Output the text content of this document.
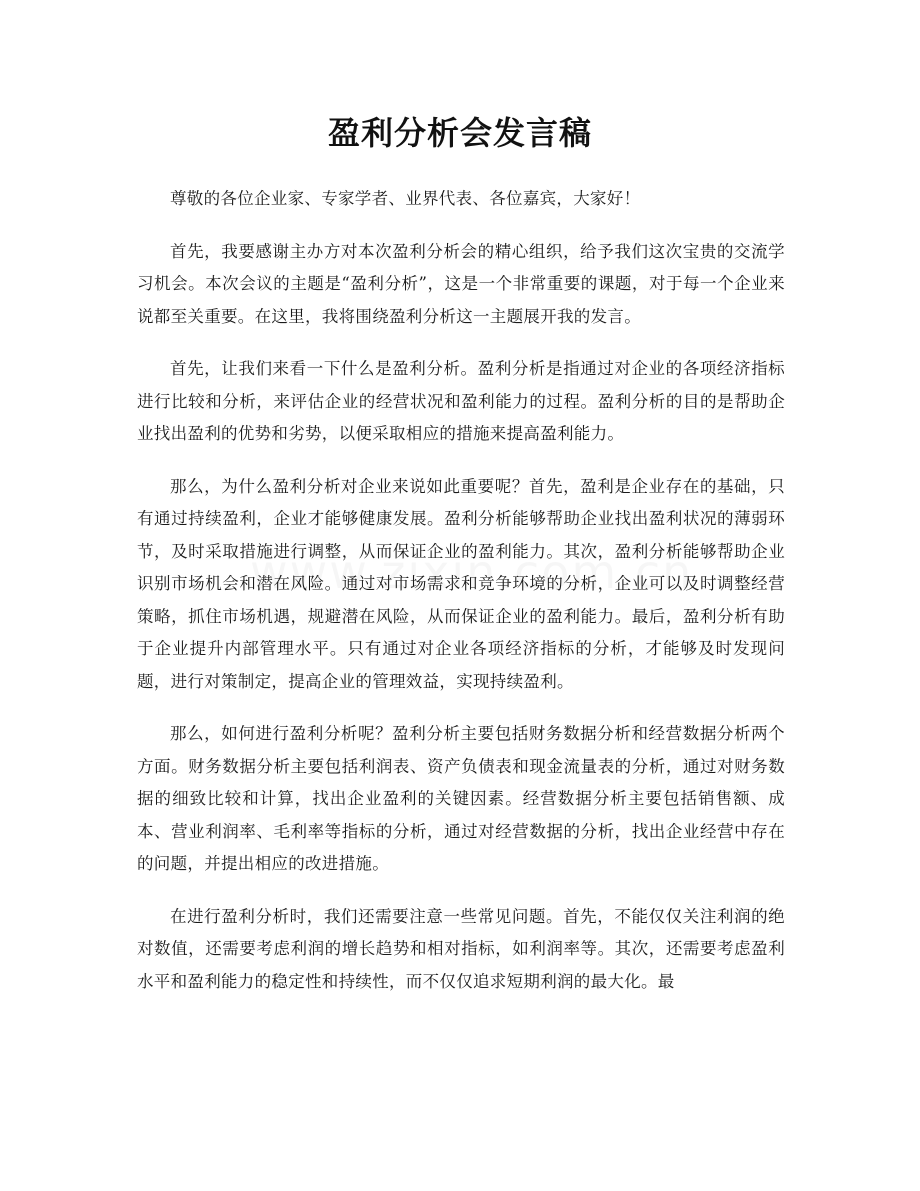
盈利分析会发言稿

尊敬的各位企业家、专家学者、业界代表、各位嘉宾，大家好！

首先，我要感谢主办方对本次盈利分析会的精心组织，给予我们这次宝贵的交流学习机会。本次会议的主题是“盈利分析”，这是一个非常重要的课题，对于每一个企业来说都至关重要。在这里，我将围绕盈利分析这一主题展开我的发言。

首先，让我们来看一下什么是盈利分析。盈利分析是指通过对企业的各项经济指标进行比较和分析，来评估企业的经营状况和盈利能力的过程。盈利分析的目的是帮助企业找出盈利的优势和劣势，以便采取相应的措施来提高盈利能力。

那么，为什么盈利分析对企业来说如此重要呢？首先，盈利是企业存在的基础，只有通过持续盈利，企业才能够健康发展。盈利分析能够帮助企业找出盈利状况的薄弱环节，及时采取措施进行调整，从而保证企业的盈利能力。其次，盈利分析能够帮助企业识别市场机会和潜在风险。通过对市场需求和竞争环境的分析，企业可以及时调整经营策略，抓住市场机遇，规避潜在风险，从而保证企业的盈利能力。最后，盈利分析有助于企业提升内部管理水平。只有通过对企业各项经济指标的分析，才能够及时发现问题，进行对策制定，提高企业的管理效益，实现持续盈利。

那么，如何进行盈利分析呢？盈利分析主要包括财务数据分析和经营数据分析两个方面。财务数据分析主要包括利润表、资产负债表和现金流量表的分析，通过对财务数据的细致比较和计算，找出企业盈利的关键因素。经营数据分析主要包括销售额、成本、营业利润率、毛利率等指标的分析，通过对经营数据的分析，找出企业经营中存在的问题，并提出相应的改进措施。

在进行盈利分析时，我们还需要注意一些常见问题。首先，不能仅仅关注利润的绝对数值，还需要考虑利润的增长趋势和相对指标，如利润率等。其次，还需要考虑盈利水平和盈利能力的稳定性和持续性，而不仅仅追求短期利润的最大化。最
